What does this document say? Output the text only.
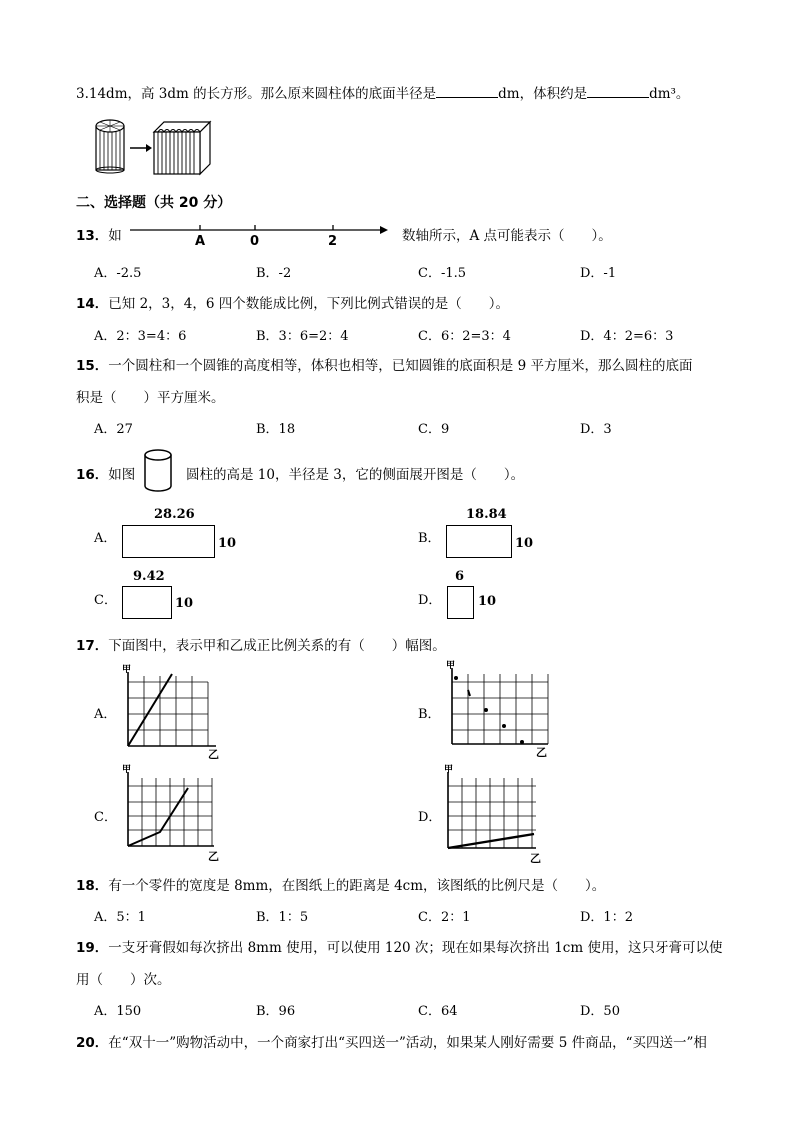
3.14dm，高 3dm 的长方形。那么原来圆柱体的底面半径是	dm，体积约是	dm³。
二、选择题（共 20 分）
13．如	A	0	2	数轴所示，A 点可能表示（　　）。
A．-2.5	B．-2	C．-1.5	D．-1
14．已知 2，3，4，6 四个数能成比例，下列比例式错误的是（　　）。
A．2：3=4：6	B．3：6=2：4	C．6：2=3：4	D．4：2=6：3
15．一个圆柱和一个圆锥的高度相等，体积也相等，已知圆锥的底面积是 9 平方厘米，那么圆柱的底面
积是（　　）平方厘米。
A．27	B．18	C．9	D．3
16．如图	圆柱的高是 10，半径是 3，它的侧面展开图是（　　）。
A．
28.26
10	B．
18.84
10
C．
9.42
10	D．
6
10
17．下面图中，表示甲和乙成正比例关系的有（　　）幅图。
A．	B．
C．	D．
甲
乙
甲
乙
甲
乙
甲
乙
18．有一个零件的宽度是 8mm，在图纸上的距离是 4cm，该图纸的比例尺是（　　）。
A．5：1	B．1：5	C．2：1	D．1：2
19．一支牙膏假如每次挤出 8mm 使用，可以使用 120 次；现在如果每次挤出 1cm 使用，这只牙膏可以使
用（　　）次。
A．150	B．96	C．64	D．50
20．在“双十一”购物活动中，一个商家打出“买四送一”活动，如果某人刚好需要 5 件商品，“买四送一”相
